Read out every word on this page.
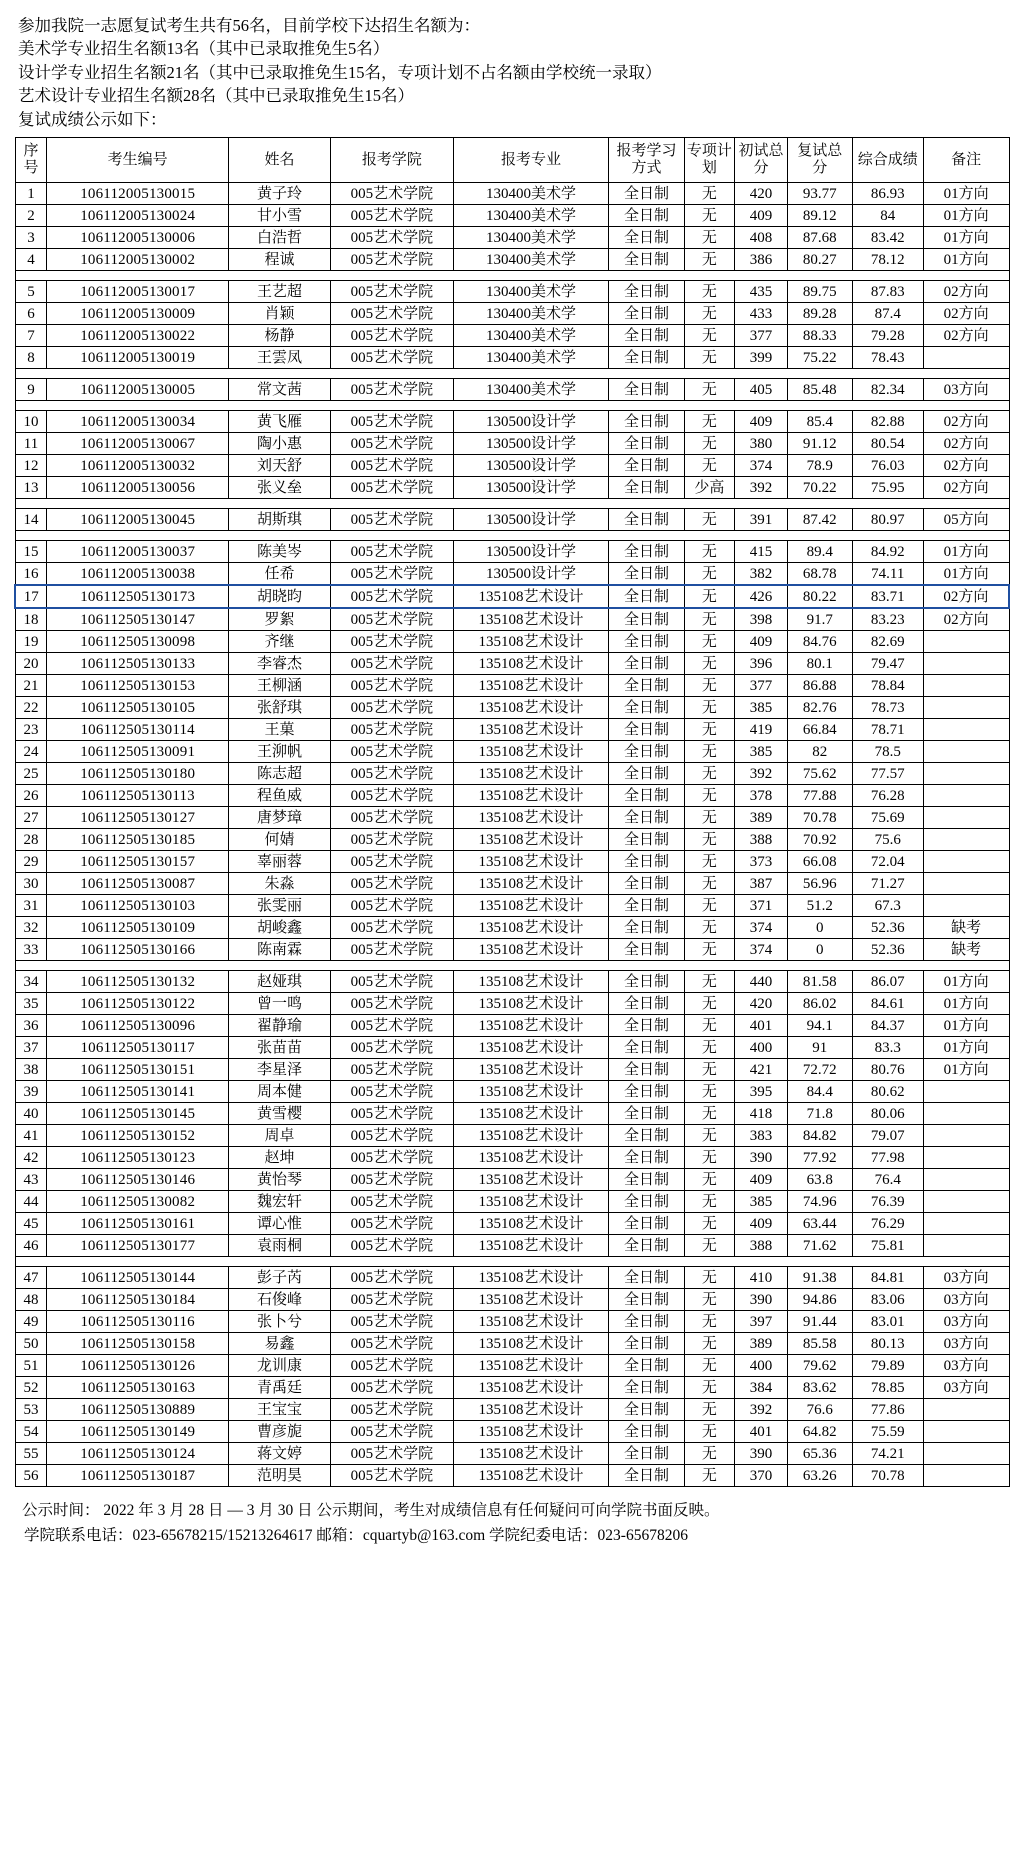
参加我院一志愿复试考生共有56名，目前学校下达招生名额为：
美术学专业招生名额13名（其中已录取推免生5名）
设计学专业招生名额21名（其中已录取推免生15名，专项计划不占名额由学校统一录取）
艺术设计专业招生名额28名（其中已录取推免生15名）
复试成绩公示如下：
序号	考生编号	姓名	报考学院	报考专业	报考学习方式	专项计划	初试总分	复试总分	综合成绩	备注

1	106112005130015	黄子玲	005艺术学院	130400美术学	全日制	无	420	93.77	86.93	01方向
2	106112005130024	甘小雪	005艺术学院	130400美术学	全日制	无	409	89.12	84	01方向
3	106112005130006	白浩哲	005艺术学院	130400美术学	全日制	无	408	87.68	83.42	01方向
4	106112005130002	程诚	005艺术学院	130400美术学	全日制	无	386	80.27	78.12	01方向

5	106112005130017	王艺超	005艺术学院	130400美术学	全日制	无	435	89.75	87.83	02方向
6	106112005130009	肖颖	005艺术学院	130400美术学	全日制	无	433	89.28	87.4	02方向
7	106112005130022	杨静	005艺术学院	130400美术学	全日制	无	377	88.33	79.28	02方向
8	106112005130019	王雲凤	005艺术学院	130400美术学	全日制	无	399	75.22	78.43	

9	106112005130005	常文茜	005艺术学院	130400美术学	全日制	无	405	85.48	82.34	03方向

10	106112005130034	黄飞雁	005艺术学院	130500设计学	全日制	无	409	85.4	82.88	02方向
11	106112005130067	陶小惠	005艺术学院	130500设计学	全日制	无	380	91.12	80.54	02方向
12	106112005130032	刘天舒	005艺术学院	130500设计学	全日制	无	374	78.9	76.03	02方向
13	106112005130056	张义垒	005艺术学院	130500设计学	全日制	少高	392	70.22	75.95	02方向

14	106112005130045	胡斯琪	005艺术学院	130500设计学	全日制	无	391	87.42	80.97	05方向

15	106112005130037	陈美岑	005艺术学院	130500设计学	全日制	无	415	89.4	84.92	01方向
16	106112005130038	任希	005艺术学院	130500设计学	全日制	无	382	68.78	74.11	01方向
17	106112505130173	胡晓昀	005艺术学院	135108艺术设计	全日制	无	426	80.22	83.71	02方向
18	106112505130147	罗絮	005艺术学院	135108艺术设计	全日制	无	398	91.7	83.23	02方向
19	106112505130098	齐继	005艺术学院	135108艺术设计	全日制	无	409	84.76	82.69	
20	106112505130133	李睿杰	005艺术学院	135108艺术设计	全日制	无	396	80.1	79.47	
21	106112505130153	王柳涵	005艺术学院	135108艺术设计	全日制	无	377	86.88	78.84	
22	106112505130105	张舒琪	005艺术学院	135108艺术设计	全日制	无	385	82.76	78.73	
23	106112505130114	王菓	005艺术学院	135108艺术设计	全日制	无	419	66.84	78.71	
24	106112505130091	王泖帆	005艺术学院	135108艺术设计	全日制	无	385	82	78.5	
25	106112505130180	陈志超	005艺术学院	135108艺术设计	全日制	无	392	75.62	77.57	
26	106112505130113	程鱼威	005艺术学院	135108艺术设计	全日制	无	378	77.88	76.28	
27	106112505130127	唐梦璋	005艺术学院	135108艺术设计	全日制	无	389	70.78	75.69	
28	106112505130185	何婧	005艺术学院	135108艺术设计	全日制	无	388	70.92	75.6	
29	106112505130157	辜丽蓉	005艺术学院	135108艺术设计	全日制	无	373	66.08	72.04	
30	106112505130087	朱淼	005艺术学院	135108艺术设计	全日制	无	387	56.96	71.27	
31	106112505130103	张雯丽	005艺术学院	135108艺术设计	全日制	无	371	51.2	67.3	
32	106112505130109	胡峻鑫	005艺术学院	135108艺术设计	全日制	无	374	0	52.36	缺考
33	106112505130166	陈南霖	005艺术学院	135108艺术设计	全日制	无	374	0	52.36	缺考

34	106112505130132	赵娅琪	005艺术学院	135108艺术设计	全日制	无	440	81.58	86.07	01方向
35	106112505130122	曾一鸣	005艺术学院	135108艺术设计	全日制	无	420	86.02	84.61	01方向
36	106112505130096	翟静瑜	005艺术学院	135108艺术设计	全日制	无	401	94.1	84.37	01方向
37	106112505130117	张苗苗	005艺术学院	135108艺术设计	全日制	无	400	91	83.3	01方向
38	106112505130151	李星泽	005艺术学院	135108艺术设计	全日制	无	421	72.72	80.76	01方向
39	106112505130141	周本健	005艺术学院	135108艺术设计	全日制	无	395	84.4	80.62	
40	106112505130145	黄雪樱	005艺术学院	135108艺术设计	全日制	无	418	71.8	80.06	
41	106112505130152	周卓	005艺术学院	135108艺术设计	全日制	无	383	84.82	79.07	
42	106112505130123	赵坤	005艺术学院	135108艺术设计	全日制	无	390	77.92	77.98	
43	106112505130146	黄怡琴	005艺术学院	135108艺术设计	全日制	无	409	63.8	76.4	
44	106112505130082	魏宏轩	005艺术学院	135108艺术设计	全日制	无	385	74.96	76.39	
45	106112505130161	谭心惟	005艺术学院	135108艺术设计	全日制	无	409	63.44	76.29	
46	106112505130177	袁雨桐	005艺术学院	135108艺术设计	全日制	无	388	71.62	75.81	

47	106112505130144	彭子芮	005艺术学院	135108艺术设计	全日制	无	410	91.38	84.81	03方向
48	106112505130184	石俊峰	005艺术学院	135108艺术设计	全日制	无	390	94.86	83.06	03方向
49	106112505130116	张卜兮	005艺术学院	135108艺术设计	全日制	无	397	91.44	83.01	03方向
50	106112505130158	易鑫	005艺术学院	135108艺术设计	全日制	无	389	85.58	80.13	03方向
51	106112505130126	龙训康	005艺术学院	135108艺术设计	全日制	无	400	79.62	79.89	03方向
52	106112505130163	青禹廷	005艺术学院	135108艺术设计	全日制	无	384	83.62	78.85	03方向
53	106112505130889	王宝宝	005艺术学院	135108艺术设计	全日制	无	392	76.6	77.86	
54	106112505130149	曹彦旎	005艺术学院	135108艺术设计	全日制	无	401	64.82	75.59	
55	106112505130124	蒋文婷	005艺术学院	135108艺术设计	全日制	无	390	65.36	74.21	
56	106112505130187	范明昊	005艺术学院	135108艺术设计	全日制	无	370	63.26	70.78	
公示时间： 2022 年 3 月 28 日 — 3 月 30 日 公示期间，考生对成绩信息有任何疑问可向学院书面反映。
学院联系电话：023-65678215/15213264617 邮箱：cquartyb@163.com 学院纪委电话：023-65678206
